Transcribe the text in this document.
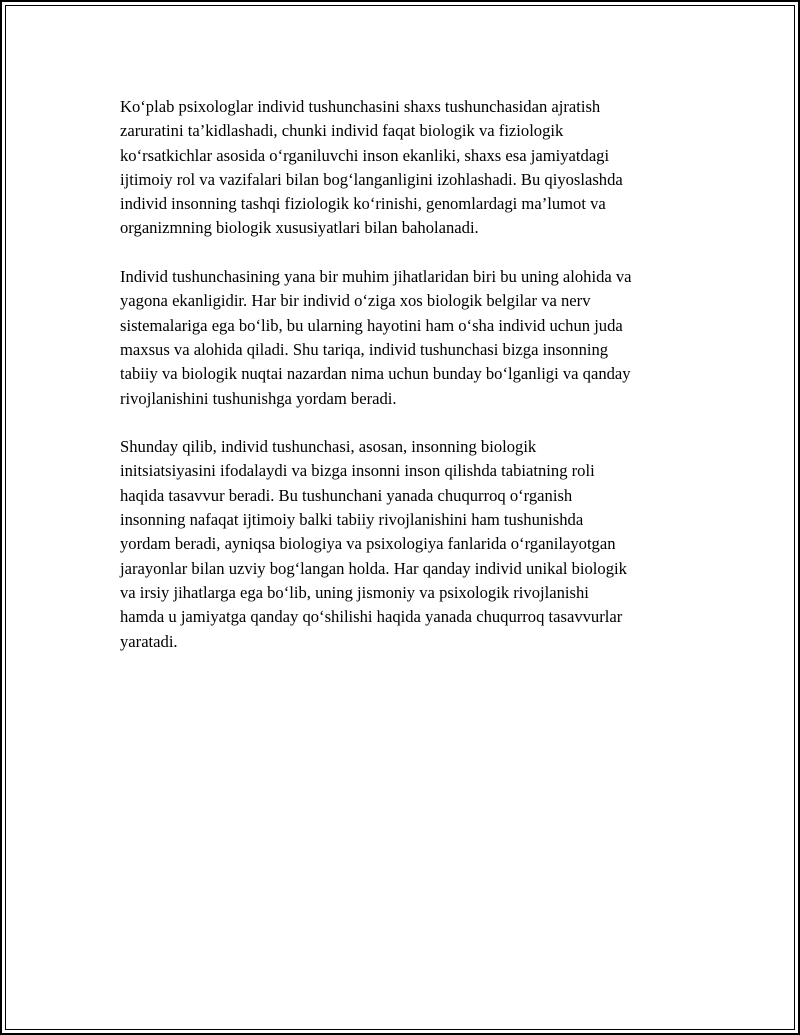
Ko‘plab psixologlar individ tushunchasini shaxs tushunchasidan ajratish
zaruratini ta’kidlashadi, chunki individ faqat biologik va fiziologik
ko‘rsatkichlar asosida o‘rganiluvchi inson ekanliki, shaxs esa jamiyatdagi
ijtimoiy rol va vazifalari bilan bog‘langanligini izohlashadi. Bu qiyoslashda
individ insonning tashqi fiziologik ko‘rinishi, genomlardagi ma’lumot va
organizmning biologik xususiyatlari bilan baholanadi.

Individ tushunchasining yana bir muhim jihatlaridan biri bu uning alohida va
yagona ekanligidir. Har bir individ o‘ziga xos biologik belgilar va nerv
sistemalariga ega bo‘lib, bu ularning hayotini ham o‘sha individ uchun juda
maxsus va alohida qiladi. Shu tariqa, individ tushunchasi bizga insonning
tabiiy va biologik nuqtai nazardan nima uchun bunday bo‘lganligi va qanday
rivojlanishini tushunishga yordam beradi.

Shunday qilib, individ tushunchasi, asosan, insonning biologik
initsiatsiyasini ifodalaydi va bizga insonni inson qilishda tabiatning roli
haqida tasavvur beradi. Bu tushunchani yanada chuqurroq o‘rganish
insonning nafaqat ijtimoiy balki tabiiy rivojlanishini ham tushunishda
yordam beradi, ayniqsa biologiya va psixologiya fanlarida o‘rganilayotgan
jarayonlar bilan uzviy bog‘langan holda. Har qanday individ unikal biologik
va irsiy jihatlarga ega bo‘lib, uning jismoniy va psixologik rivojlanishi
hamda u jamiyatga qanday qo‘shilishi haqida yanada chuqurroq tasavvurlar
yaratadi.
